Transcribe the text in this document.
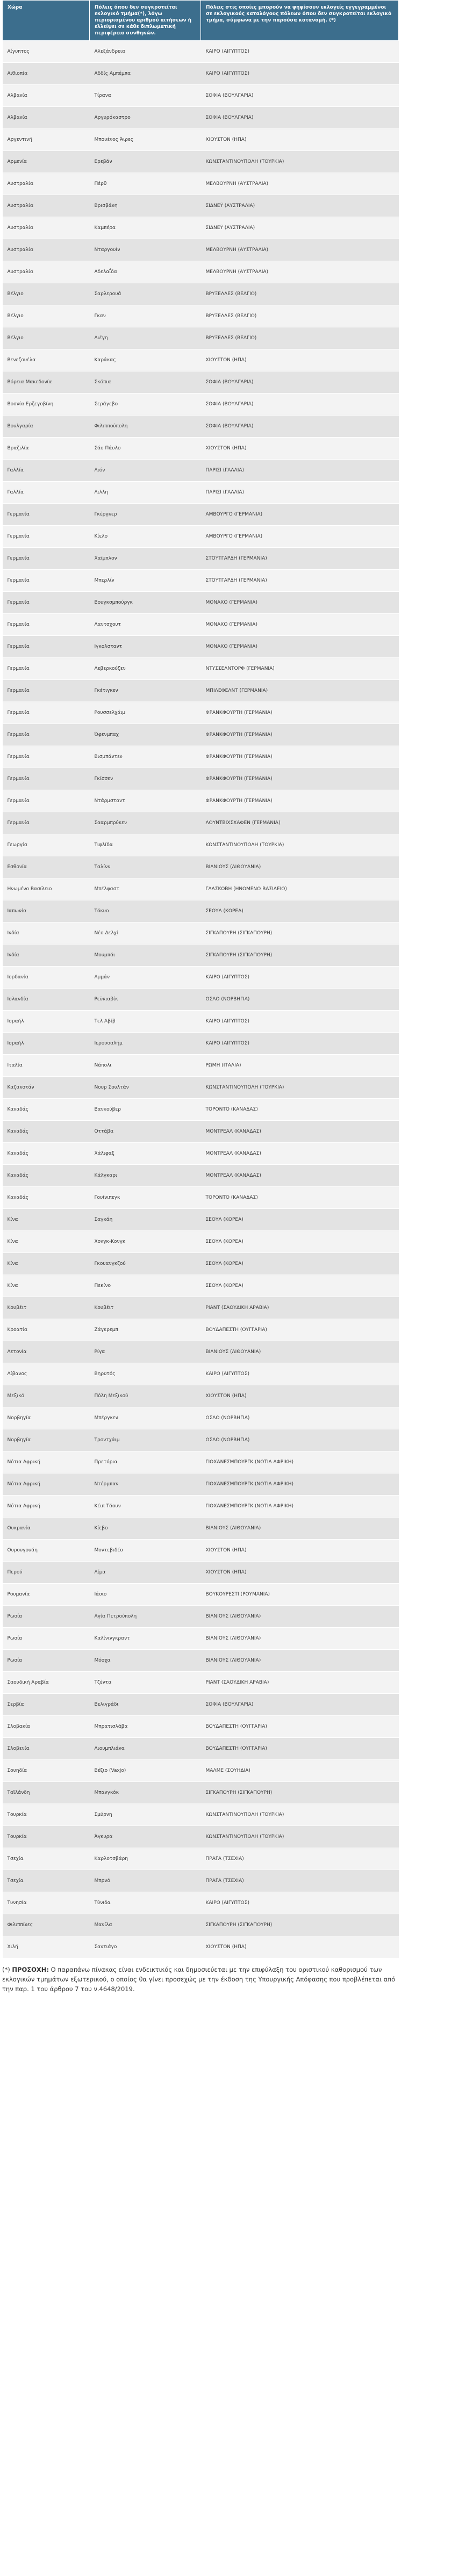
Χώρα	Πόλεις όπου δεν συγκροτείται εκλογικό τμήμα(*), λόγω περιορισμένου αριθμού αιτήσεων ή ελλείψει σε κάθε διπλωματική περιφέρεια συνθηκών.	Πόλεις στις οποίες μπορούν να ψηφίσουν εκλογείς εγγεγραμμένοι σε εκλογικούς καταλόγους πόλεων όπου δεν συγκροτείται εκλογικό τμήμα, σύμφωνα με την παρούσα κατανομή. (*)
Αίγυπτος	Αλεξάνδρεια	ΚΑΙΡΟ (ΑΙΓΥΠΤΟΣ)
Αιθιοπία	Αδδίς Αμπέμπα	ΚΑΙΡΟ (ΑΙΓΥΠΤΟΣ)
Αλβανία	Τίρανα	ΣΟΦΙΑ (ΒΟΥΛΓΑΡΙΑ)
Αλβανία	Αργυρόκαστρο	ΣΟΦΙΑ (ΒΟΥΛΓΑΡΙΑ)
Αργεντινή	Μπουένος Άιρες	ΧΙΟΥΣΤΟΝ (ΗΠΑ)
Αρμενία	Ερεβάν	ΚΩΝΣΤΑΝΤΙΝΟΥΠΟΛΗ (ΤΟΥΡΚΙΑ)
Αυστραλία	Πέρθ	ΜΕΛΒΟΥΡΝΗ (ΑΥΣΤΡΑΛΙΑ)
Αυστραλία	Βρισβάνη	ΣΙΔΝΕΫ (ΑΥΣΤΡΑΛΙΑ)
Αυστραλία	Καμπέρα	ΣΙΔΝΕΫ (ΑΥΣΤΡΑΛΙΑ)
Αυστραλία	Νταργουίν	ΜΕΛΒΟΥΡΝΗ (ΑΥΣΤΡΑΛΙΑ)
Αυστραλία	Αδελαΐδα	ΜΕΛΒΟΥΡΝΗ (ΑΥΣΤΡΑΛΙΑ)
Βέλγιο	Σαρλερουά	ΒΡΥΞΕΛΛΕΣ (ΒΕΛΓΙΟ)
Βέλγιο	Γκαν	ΒΡΥΞΕΛΛΕΣ (ΒΕΛΓΙΟ)
Βέλγιο	Λιέγη	ΒΡΥΞΕΛΛΕΣ (ΒΕΛΓΙΟ)
Βενεζουέλα	Καράκας	ΧΙΟΥΣΤΟΝ (ΗΠΑ)
Βόρεια Μακεδονία	Σκόπια	ΣΟΦΙΑ (ΒΟΥΛΓΑΡΙΑ)
Βοσνία Ερζεγοβίνη	Σεράγεβο	ΣΟΦΙΑ (ΒΟΥΛΓΑΡΙΑ)
Βουλγαρία	Φιλιππούπολη	ΣΟΦΙΑ (ΒΟΥΛΓΑΡΙΑ)
Βραζιλία	Σάο Πάολο	ΧΙΟΥΣΤΟΝ (ΗΠΑ)
Γαλλία	Λιόν	ΠΑΡΙΣΙ (ΓΑΛΛΙΑ)
Γαλλία	Λιλλη	ΠΑΡΙΣΙ (ΓΑΛΛΙΑ)
Γερμανία	Γκέργκερ	ΑΜΒΟΥΡΓΟ (ΓΕΡΜΑΝΙΑ)
Γερμανία	Κίελο	ΑΜΒΟΥΡΓΟ (ΓΕΡΜΑΝΙΑ)
Γερμανία	Χαϊμπλον	ΣΤΟΥΤΓΑΡΔΗ (ΓΕΡΜΑΝΙΑ)
Γερμανία	Μπερλίν	ΣΤΟΥΤΓΑΡΔΗ (ΓΕΡΜΑΝΙΑ)
Γερμανία	Βουγκσμπούργκ	ΜΟΝΑΧΟ (ΓΕΡΜΑΝΙΑ)
Γερμανία	Λαντσχουτ	ΜΟΝΑΧΟ (ΓΕΡΜΑΝΙΑ)
Γερμανία	Ιγκολσταντ	ΜΟΝΑΧΟ (ΓΕΡΜΑΝΙΑ)
Γερμανία	Λεβερκούζεν	ΝΤΥΣΣΕΛΝΤΟΡΦ (ΓΕΡΜΑΝΙΑ)
Γερμανία	Γκέτιγκεν	ΜΠΙΛΕΦΕΛΝΤ (ΓΕΡΜΑΝΙΑ)
Γερμανία	Ρουσσελχάιμ	ΦΡΑΝΚΦΟΥΡΤΗ (ΓΕΡΜΑΝΙΑ)
Γερμανία	Όφενμπαχ	ΦΡΑΝΚΦΟΥΡΤΗ (ΓΕΡΜΑΝΙΑ)
Γερμανία	Βισμπάντεν	ΦΡΑΝΚΦΟΥΡΤΗ (ΓΕΡΜΑΝΙΑ)
Γερμανία	Γκίσσεν	ΦΡΑΝΚΦΟΥΡΤΗ (ΓΕΡΜΑΝΙΑ)
Γερμανία	Ντάρμσταντ	ΦΡΑΝΚΦΟΥΡΤΗ (ΓΕΡΜΑΝΙΑ)
Γερμανία	Σααρμπρύκεν	ΛΟΥΝΤΒΙΧΣΧΑΦΕΝ (ΓΕΡΜΑΝΙΑ)
Γεωργία	Τιφλίδα	ΚΩΝΣΤΑΝΤΙΝΟΥΠΟΛΗ (ΤΟΥΡΚΙΑ)
Εσθονία	Ταλίνν	ΒΙΛΝΙΟΥΣ (ΛΙΘΟΥΑΝΙΑ)
Ηνωμένο Βασίλειο	Μπέλφαστ	ΓΛΑΣΚΩΒΗ (ΗΝΩΜΕΝΟ ΒΑΣΙΛΕΙΟ)
Ιαπωνία	Τόκυο	ΣΕΟΥΛ (ΚΟΡΕΑ)
Ινδία	Νέο Δελχί	ΣΙΓΚΑΠΟΥΡΗ (ΣΙΓΚΑΠΟΥΡΗ)
Ινδία	Μουμπάι	ΣΙΓΚΑΠΟΥΡΗ (ΣΙΓΚΑΠΟΥΡΗ)
Ιορδανία	Αμμάν	ΚΑΙΡΟ (ΑΙΓΥΠΤΟΣ)
Ισλανδία	Ρεϋκιαβίκ	ΟΣΛΟ (ΝΟΡΒΗΓΙΑ)
Ισραήλ	Τελ Αβίβ	ΚΑΙΡΟ (ΑΙΓΥΠΤΟΣ)
Ισραήλ	Ιερουσαλήμ	ΚΑΙΡΟ (ΑΙΓΥΠΤΟΣ)
Ιταλία	Νάπολι	ΡΩΜΗ (ΙΤΑΛΙΑ)
Καζακστάν	Νουρ Σουλτάν	ΚΩΝΣΤΑΝΤΙΝΟΥΠΟΛΗ (ΤΟΥΡΚΙΑ)
Καναδάς	Βανκούβερ	ΤΟΡΟΝΤΟ (ΚΑΝΑΔΑΣ)
Καναδάς	Οττάβα	ΜΟΝΤΡΕΑΛ (ΚΑΝΑΔΑΣ)
Καναδάς	Χάλιφαξ	ΜΟΝΤΡΕΑΛ (ΚΑΝΑΔΑΣ)
Καναδάς	Κάλγκαρι	ΜΟΝΤΡΕΑΛ (ΚΑΝΑΔΑΣ)
Καναδάς	Γουίνιπεγκ	ΤΟΡΟΝΤΟ (ΚΑΝΑΔΑΣ)
Κίνα	Σαγκάη	ΣΕΟΥΛ (ΚΟΡΕΑ)
Κίνα	Χονγκ-Κονγκ	ΣΕΟΥΛ (ΚΟΡΕΑ)
Κίνα	Γκουανγκζού	ΣΕΟΥΛ (ΚΟΡΕΑ)
Κίνα	Πεκίνο	ΣΕΟΥΛ (ΚΟΡΕΑ)
Κουβέιτ	Κουβέιτ	ΡΙΑΝΤ (ΣΑΟΥΔΙΚΗ ΑΡΑΒΙΑ)
Κροατία	Ζάγκρεμπ	ΒΟΥΔΑΠΕΣΤΗ (ΟΥΓΓΑΡΙΑ)
Λετονία	Ρίγα	ΒΙΛΝΙΟΥΣ (ΛΙΘΟΥΑΝΙΑ)
Λίβανος	Βηρυτός	ΚΑΙΡΟ (ΑΙΓΥΠΤΟΣ)
Μεξικό	Πόλη Μεξικού	ΧΙΟΥΣΤΟΝ (ΗΠΑ)
Νορβηγία	Μπέργκεν	ΟΣΛΟ (ΝΟΡΒΗΓΙΑ)
Νορβηγία	Τροντχάιμ	ΟΣΛΟ (ΝΟΡΒΗΓΙΑ)
Νότια Αφρική	Πρετόρια	ΓΙΟΧΑΝΕΣΜΠΟΥΡΓΚ (ΝΟΤΙΑ ΑΦΡΙΚΗ)
Νότια Αφρική	Ντέρμπαν	ΓΙΟΧΑΝΕΣΜΠΟΥΡΓΚ (ΝΟΤΙΑ ΑΦΡΙΚΗ)
Νότια Αφρική	Κέιπ Τάουν	ΓΙΟΧΑΝΕΣΜΠΟΥΡΓΚ (ΝΟΤΙΑ ΑΦΡΙΚΗ)
Ουκρανία	Κίεβο	ΒΙΛΝΙΟΥΣ (ΛΙΘΟΥΑΝΙΑ)
Ουρουγουάη	Μοντεβιδέο	ΧΙΟΥΣΤΟΝ (ΗΠΑ)
Περού	Λίμα	ΧΙΟΥΣΤΟΝ (ΗΠΑ)
Ρουμανία	Ιάσιο	ΒΟΥΚΟΥΡΕΣΤΙ (ΡΟΥΜΑΝΙΑ)
Ρωσία	Αγία Πετρούπολη	ΒΙΛΝΙΟΥΣ (ΛΙΘΟΥΑΝΙΑ)
Ρωσία	Καλίνινγκραντ	ΒΙΛΝΙΟΥΣ (ΛΙΘΟΥΑΝΙΑ)
Ρωσία	Μόσχα	ΒΙΛΝΙΟΥΣ (ΛΙΘΟΥΑΝΙΑ)
Σαουδική Αραβία	Τζέντα	ΡΙΑΝΤ (ΣΑΟΥΔΙΚΗ ΑΡΑΒΙΑ)
Σερβία	Βελιγράδι	ΣΟΦΙΑ (ΒΟΥΛΓΑΡΙΑ)
Σλοβακία	Μπρατισλάβα	ΒΟΥΔΑΠΕΣΤΗ (ΟΥΓΓΑΡΙΑ)
Σλοβενία	Λιουμπλιάνα	ΒΟΥΔΑΠΕΣΤΗ (ΟΥΓΓΑΡΙΑ)
Σουηδία	Βέξιο (Vaxjo)	ΜΑΛΜΕ (ΣΟΥΗΔΙΑ)
Ταϊλάνδη	Μπανγκόκ	ΣΙΓΚΑΠΟΥΡΗ (ΣΙΓΚΑΠΟΥΡΗ)
Τουρκία	Σμύρνη	ΚΩΝΣΤΑΝΤΙΝΟΥΠΟΛΗ (ΤΟΥΡΚΙΑ)
Τουρκία	Άγκυρα	ΚΩΝΣΤΑΝΤΙΝΟΥΠΟΛΗ (ΤΟΥΡΚΙΑ)
Τσεχία	Καρλοτσβάρη	ΠΡΑΓΑ (ΤΣΕΧΙΑ)
Τσεχία	Μπρνό	ΠΡΑΓΑ (ΤΣΕΧΙΑ)
Τυνησία	Τύνιδα	ΚΑΙΡΟ (ΑΙΓΥΠΤΟΣ)
Φιλιππίνες	Μανίλα	ΣΙΓΚΑΠΟΥΡΗ (ΣΙΓΚΑΠΟΥΡΗ)
Χιλή	Σαντιάγο	ΧΙΟΥΣΤΟΝ (ΗΠΑ)
(*) ΠΡΟΣΟΧΗ: Ο παραπάνω πίνακας είναι ενδεικτικός και δημοσιεύεται με την επιφύλαξη του οριστικού καθορισμού των εκλογικών τμημάτων εξωτερικού, ο οποίος θα γίνει προσεχώς με την έκδοση της Υπουργικής Απόφασης που προβλέπεται από την παρ. 1 του άρθρου 7 του ν.4648/2019.
